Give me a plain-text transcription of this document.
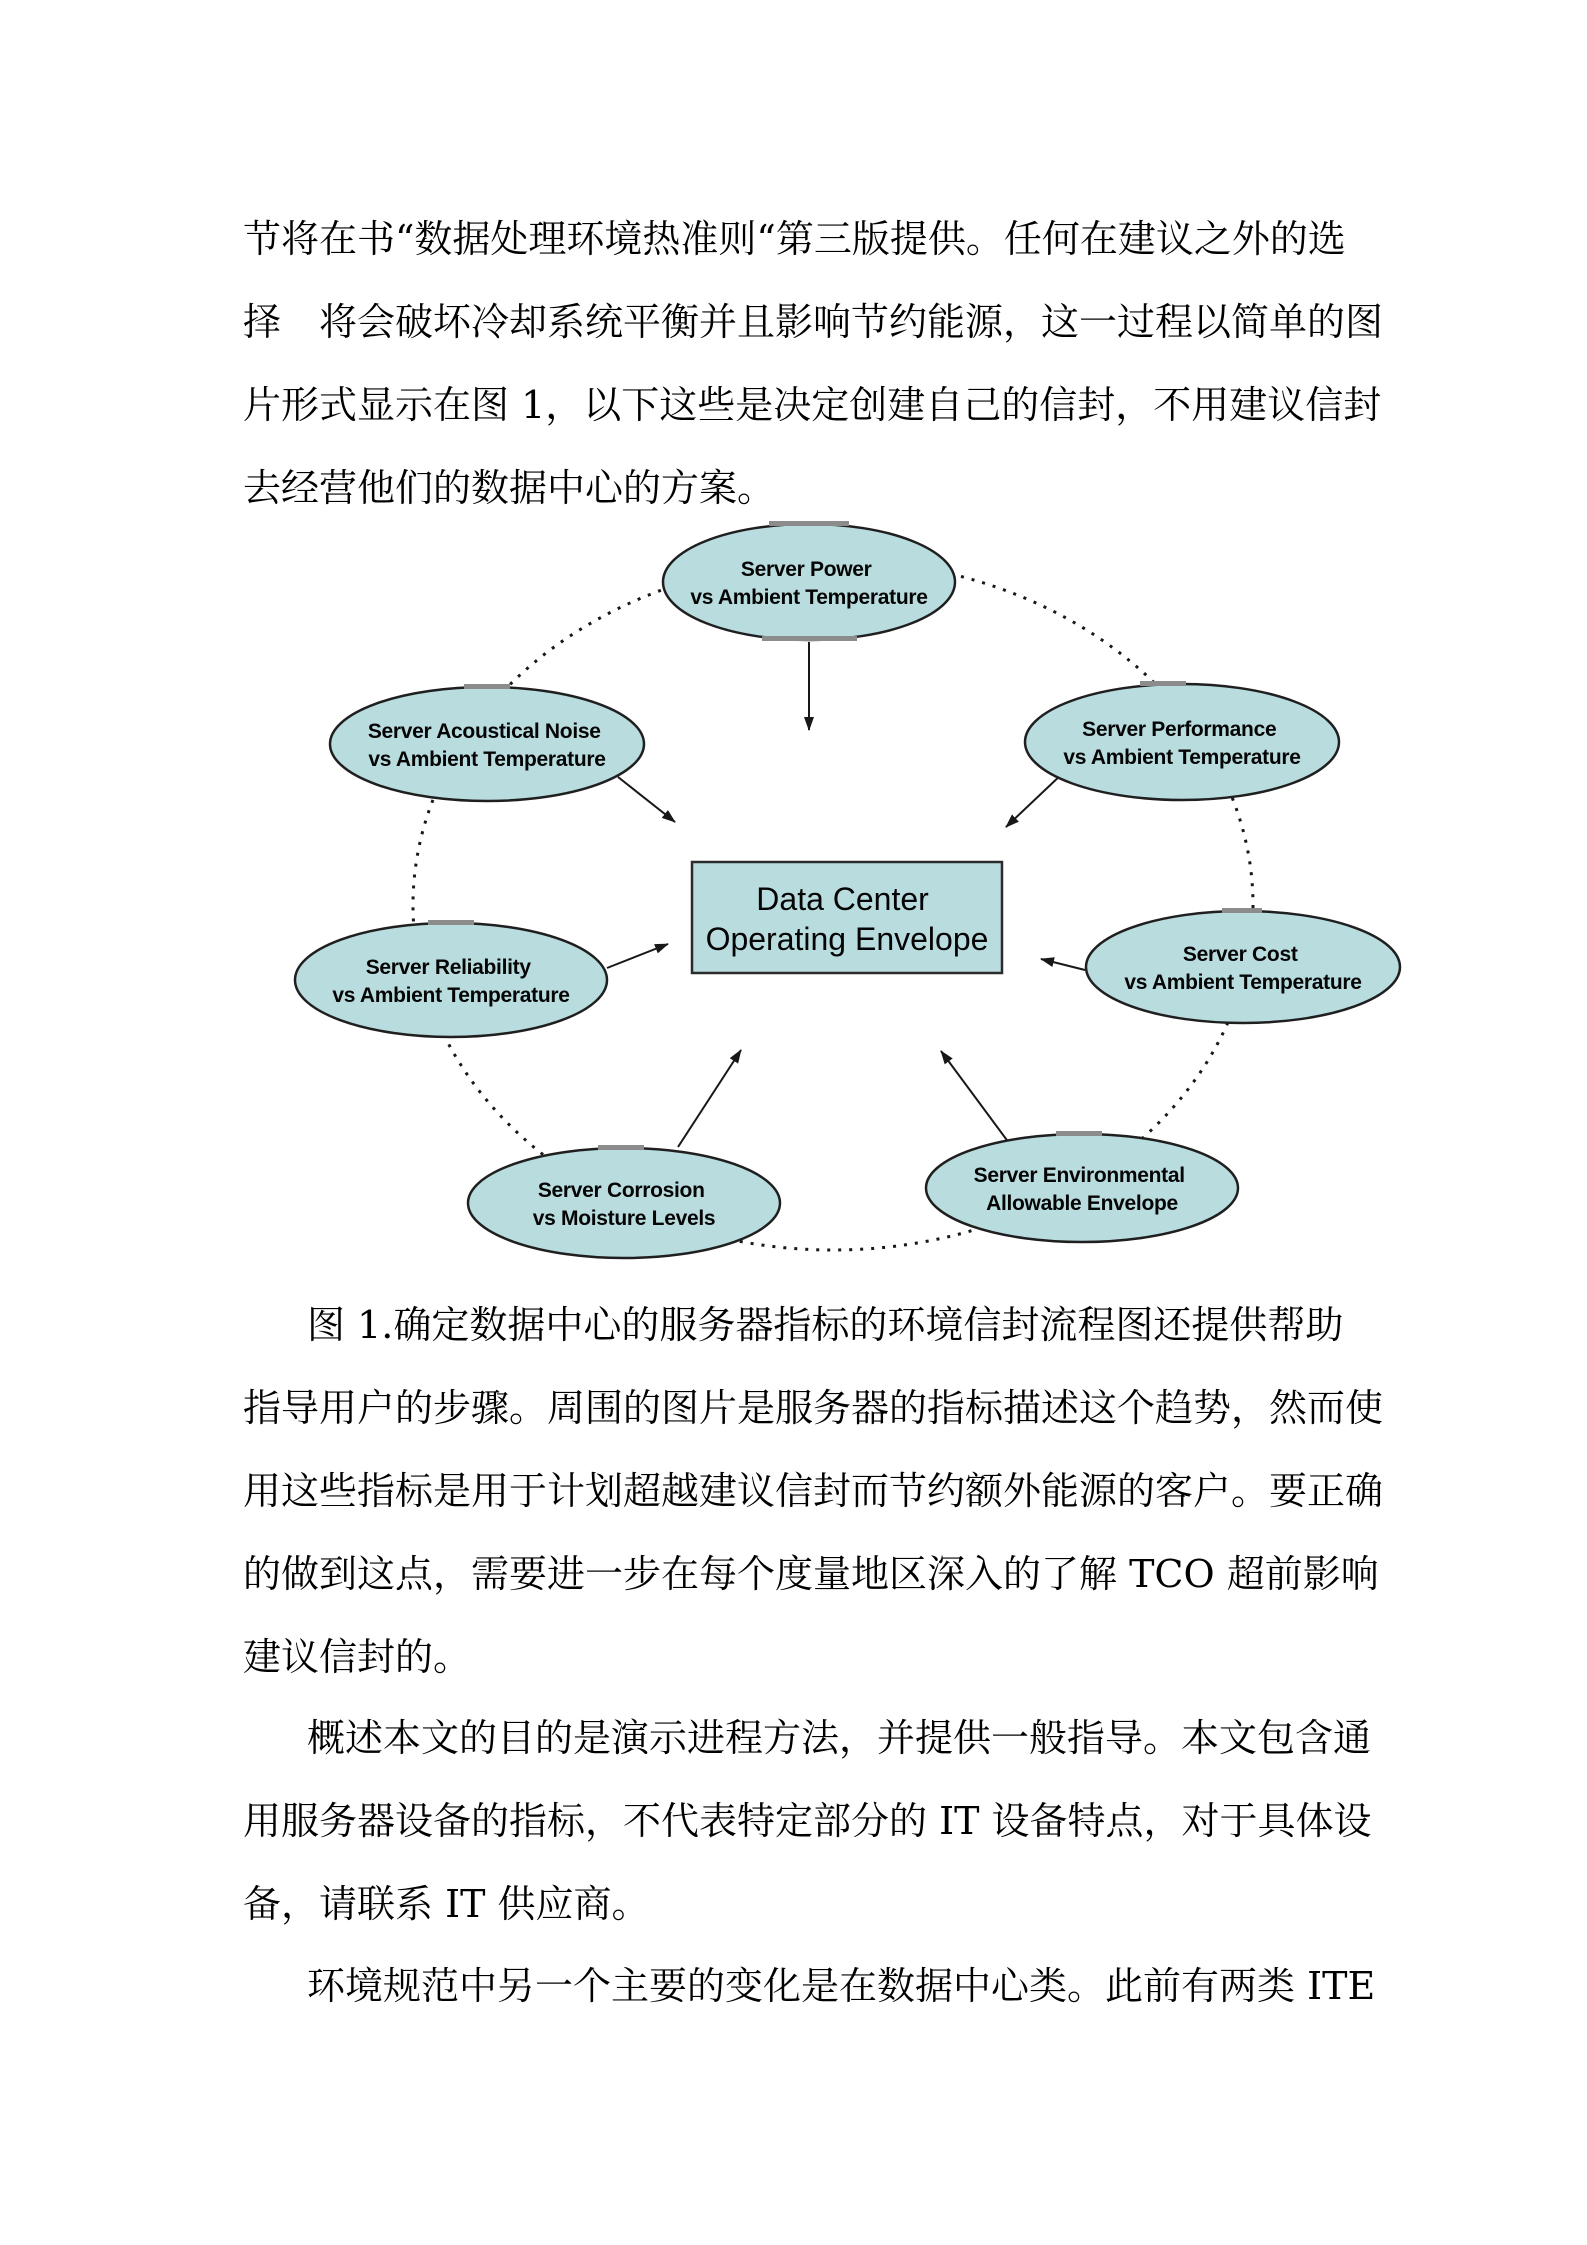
节将在书“数据处理环境热准则“第三版提供。任何在建议之外的选
择　将会破坏冷却系统平衡并且影响节约能源，这一过程以简单的图
片形式显示在图 1，以下这些是决定创建自己的信封，不用建议信封
去经营他们的数据中心的方案。
Server Power vs Ambient Temperature
Server Acoustical Noise vs Ambient Temperature
Server Performance vs Ambient Temperature
Server Reliability vs Ambient Temperature
Server Cost vs Ambient Temperature
Server Corrosion vs Moisture Levels
Server Environmental Allowable Envelope
Data Center Operating Envelope
图 1.确定数据中心的服务器指标的环境信封流程图还提供帮助
指导用户的步骤。周围的图片是服务器的指标描述这个趋势，然而使
用这些指标是用于计划超越建议信封而节约额外能源的客户。要正确
的做到这点，需要进一步在每个度量地区深入的了解 TCO 超前影响
建议信封的。
概述本文的目的是演示进程方法，并提供一般指导。本文包含通
用服务器设备的指标，不代表特定部分的 IT 设备特点，对于具体设
备，请联系 IT 供应商。
环境规范中另一个主要的变化是在数据中心类。此前有两类 ITE
